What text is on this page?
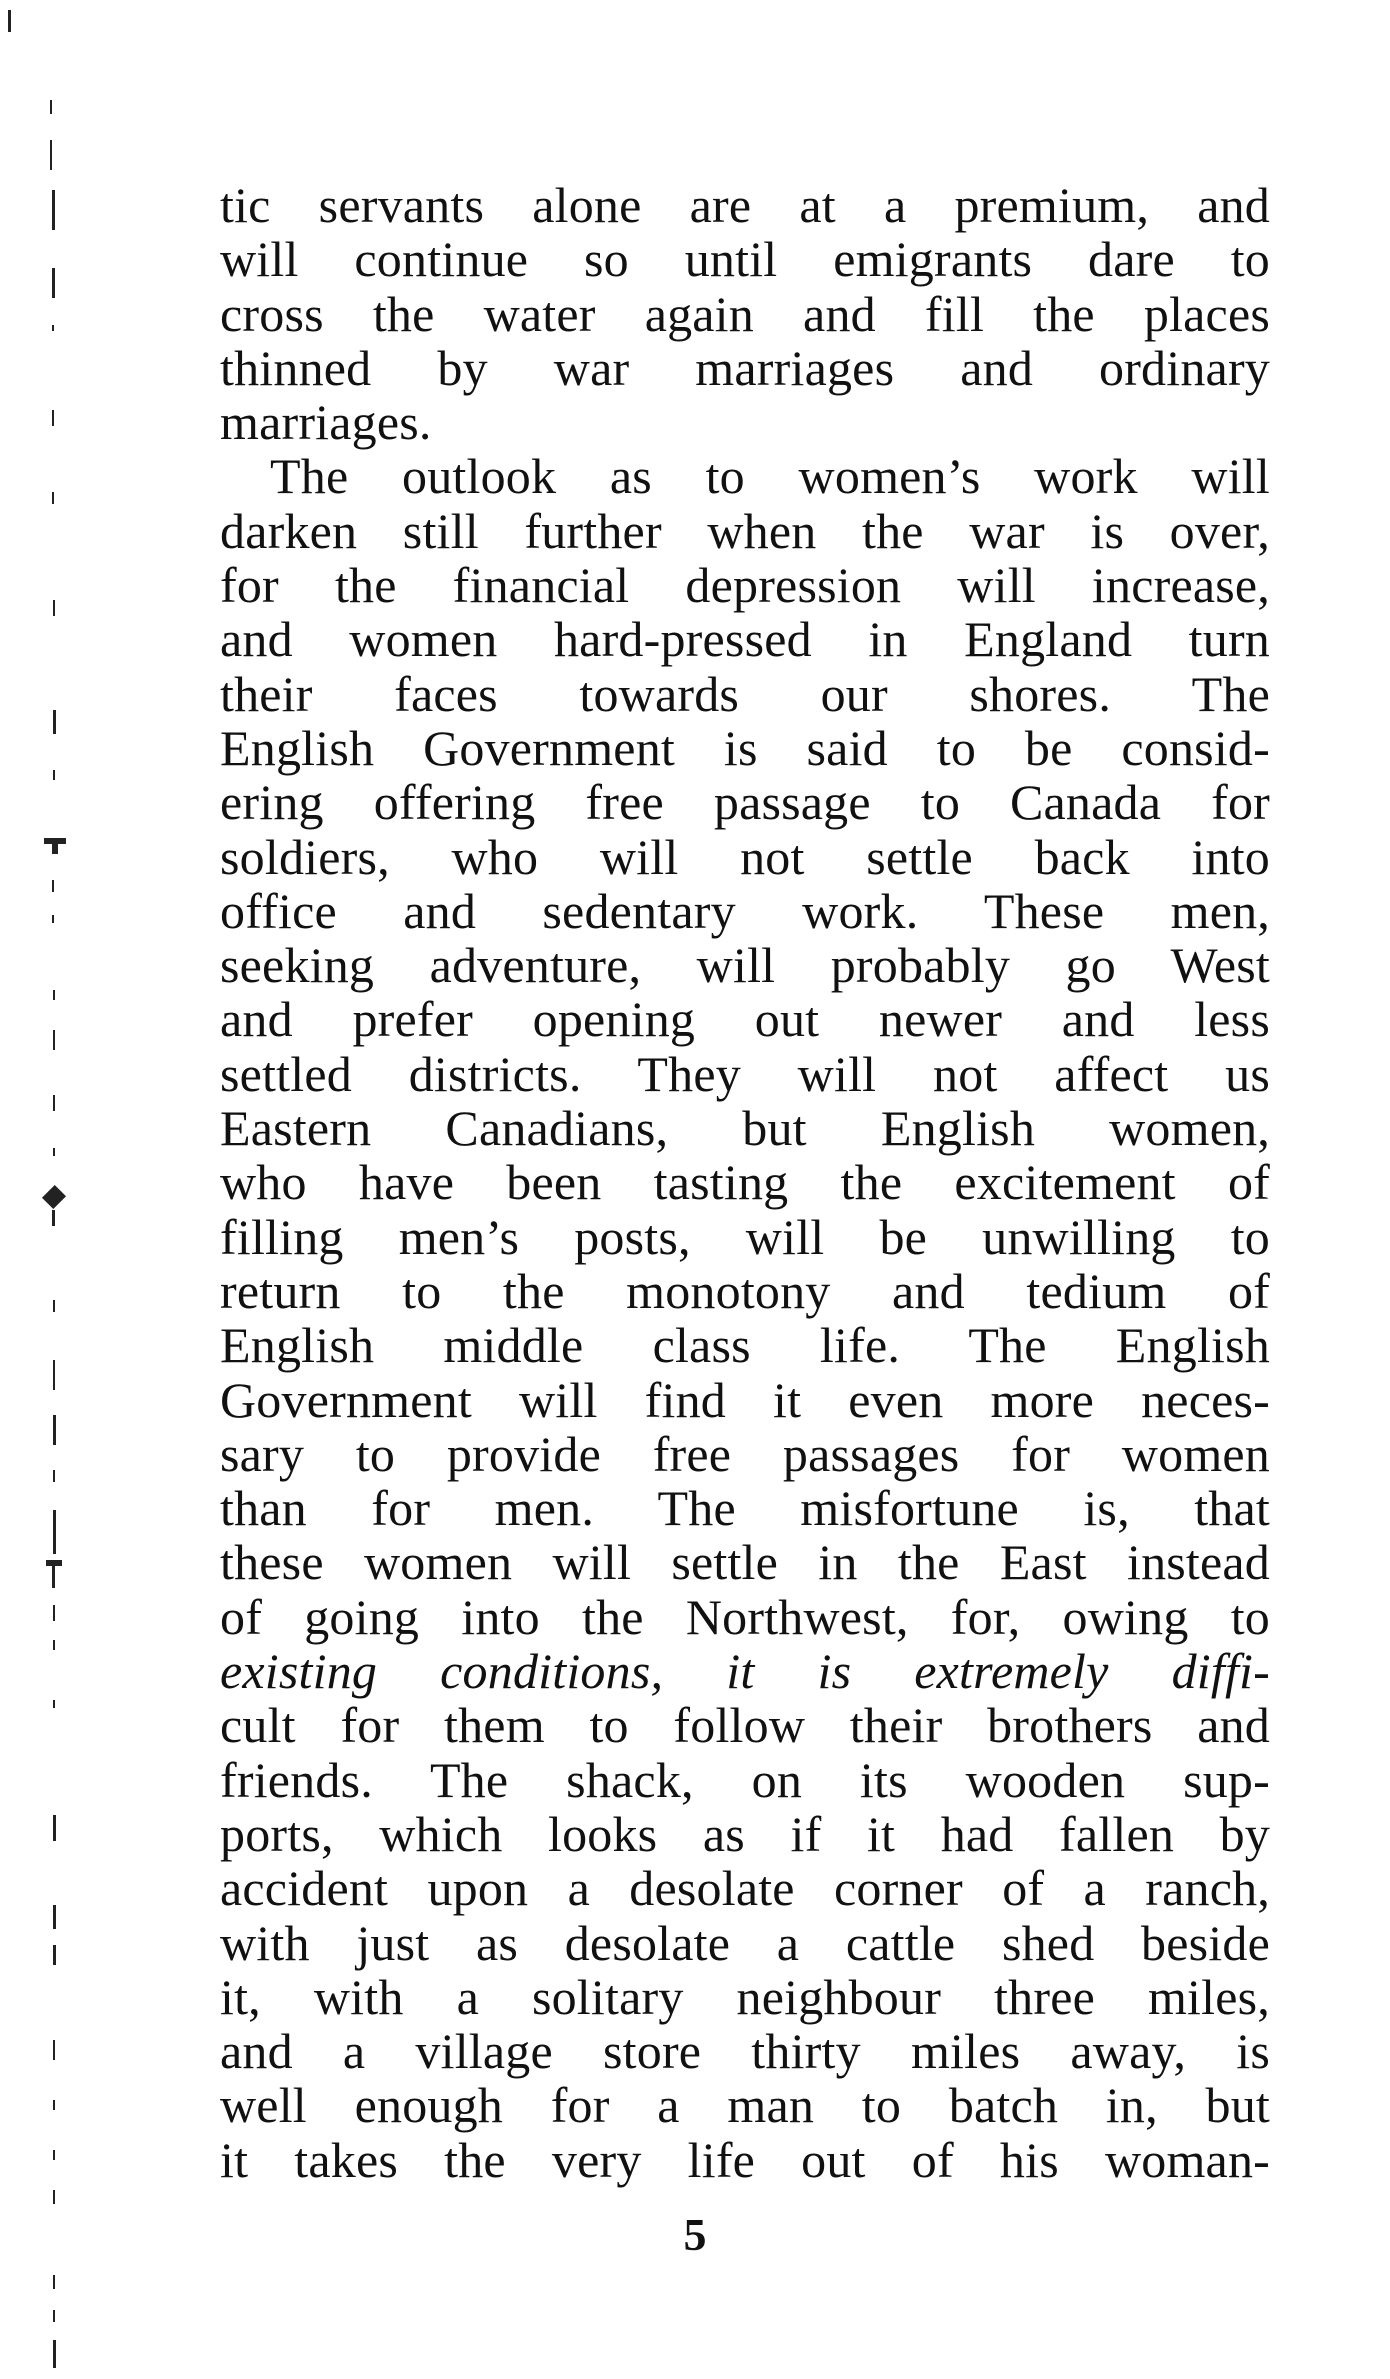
tic servants alone are at a premium, and
will continue so until emigrants dare to
cross the water again and fill the places
thinned by war marriages and ordinary
marriages.
The outlook as to women’s work will
darken still further when the war is over,
for the financial depression will increase,
and women hard-pressed in England turn
their faces towards our shores. The
English Government is said to be consid-
ering offering free passage to Canada for
soldiers, who will not settle back into
office and sedentary work. These men,
seeking adventure, will probably go West
and prefer opening out newer and less
settled districts. They will not affect us
Eastern Canadians, but English women,
who have been tasting the excitement of
filling men’s posts, will be unwilling to
return to the monotony and tedium of
English middle class life. The English
Government will find it even more neces-
sary to provide free passages for women
than for men. The misfortune is, that
these women will settle in the East instead
of going into the Northwest, for, owing to
existing conditions, it is extremely diffi-
cult for them to follow their brothers and
friends. The shack, on its wooden sup-
ports, which looks as if it had fallen by
accident upon a desolate corner of a ranch,
with just as desolate a cattle shed beside
it, with a solitary neighbour three miles,
and a village store thirty miles away, is
well enough for a man to batch in, but
it takes the very life out of his woman-
5
